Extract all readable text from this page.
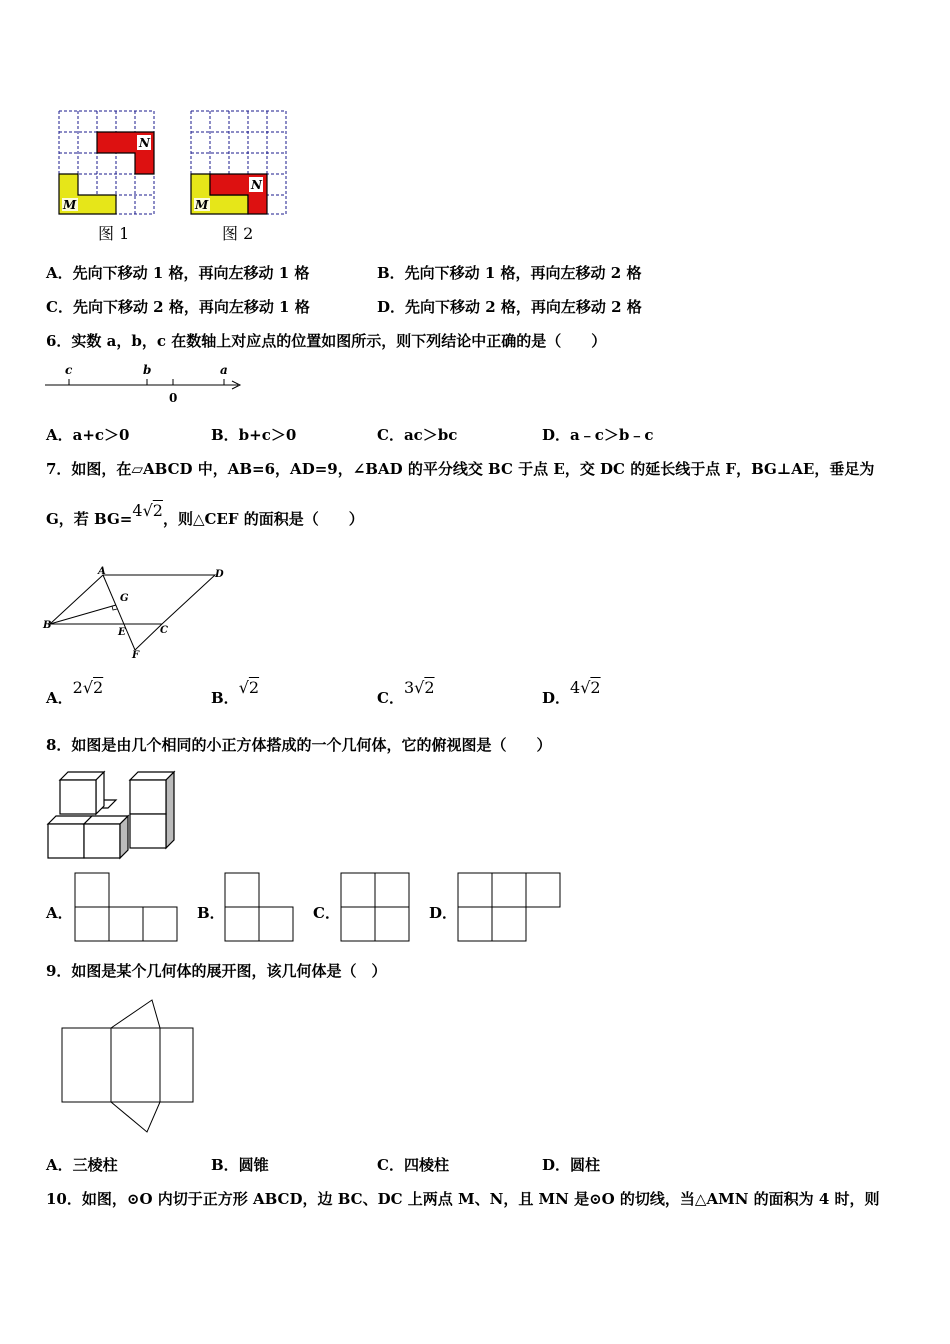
N
M
图 1
N
M
图 2
A．先向下移动 1 格，再向左移动 1 格	B．先向下移动 1 格，再向左移动 2 格
C．先向下移动 2 格，再向左移动 1 格	D．先向下移动 2 格，再向左移动 2 格
6．实数 a，b，c 在数轴上对应点的位置如图所示，则下列结论中正确的是（　　）
c	b	a
0
A．a+c＞0	B．b+c＞0	C．ac＞bc	D．a﹣c＞b﹣c
7．如图，在▱ABCD 中，AB=6，AD=9，∠BAD 的平分线交 BC 于点 E，交 DC 的延长线于点 F，BG⊥AE，垂足为
G，若 BG=4√2，则△CEF 的面积是（　　）
A	D
B	C
E
F
G
A．2√2
B．√2
C．3√2
D．4√2
8．如图是由几个相同的小正方体搭成的一个几何体，它的俯视图是（　　）
A．	B．	C．	D．
9．如图是某个几何体的展开图，该几何体是（　）
A．三棱柱	B．圆锥	C．四棱柱	D．圆柱
10．如图，⊙O 内切于正方形 ABCD，边 BC、DC 上两点 M、N，且 MN 是⊙O 的切线，当△AMN 的面积为 4 时，则
